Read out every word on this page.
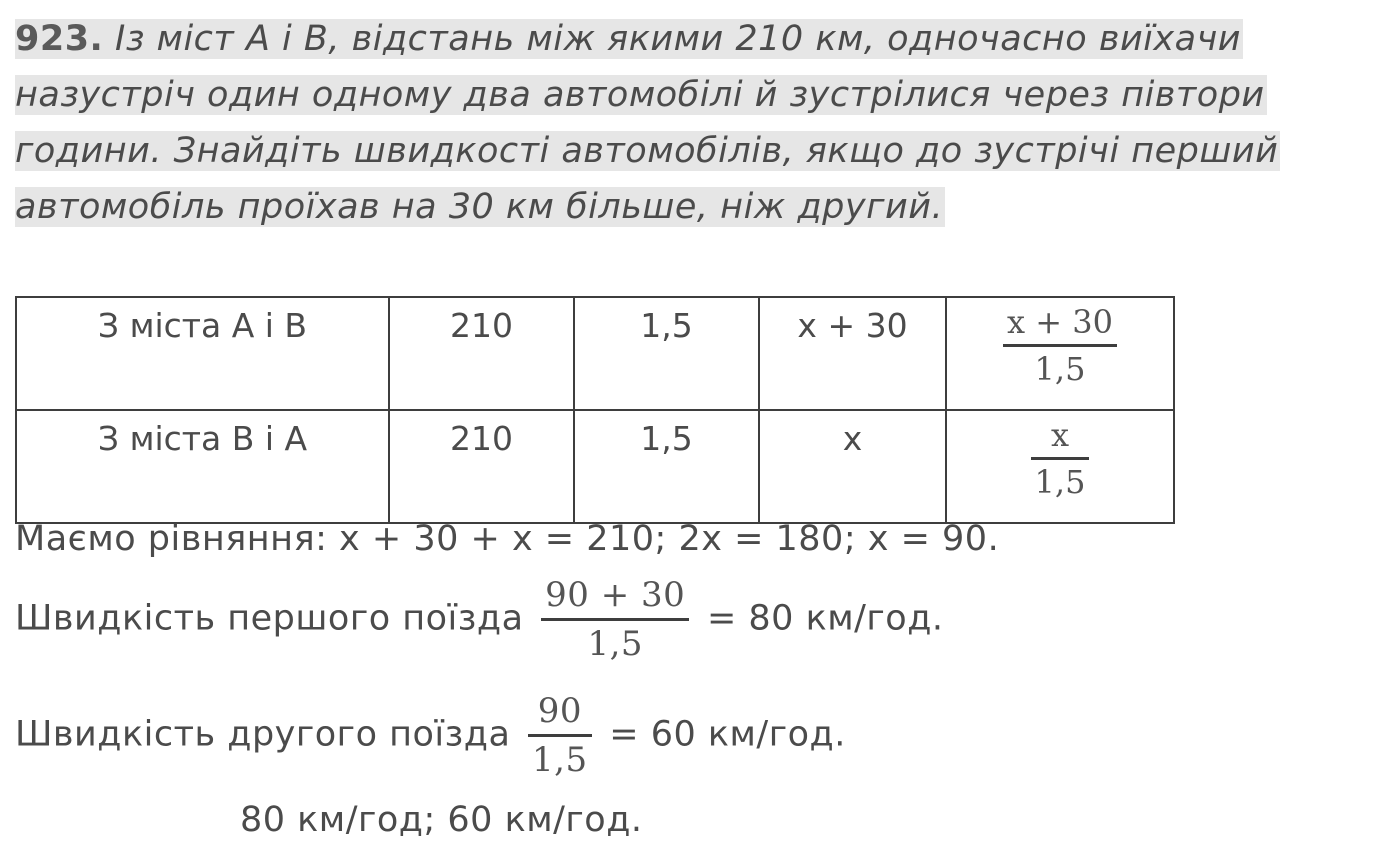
923. Із міст А і В, відстань між якими 210 км, одночасно виїхачи
назустріч один одному два автомобілі й зустрілися через півтори
години. Знайдіть швидкості автомобілів, якщо до зустрічі перший
автомобіль проїхав на 30 км більше, ніж другий.
З міста А і В	210	1,5	x + 30	$\frac{x + 30}{1,5}$

З міста В і А	210	1,5	x	$\frac{x}{1,5}$
Маємо рівняння: x + 30 + x = 210; 2x = 180; x = 90.
Швидкість першого поїзда $\frac{90 + 30}{1,5} = 80$ км/год.
Швидкість другого поїзда $\frac{90}{1,5} = 60$ км/год.
80 км/год; 60 км/год.
